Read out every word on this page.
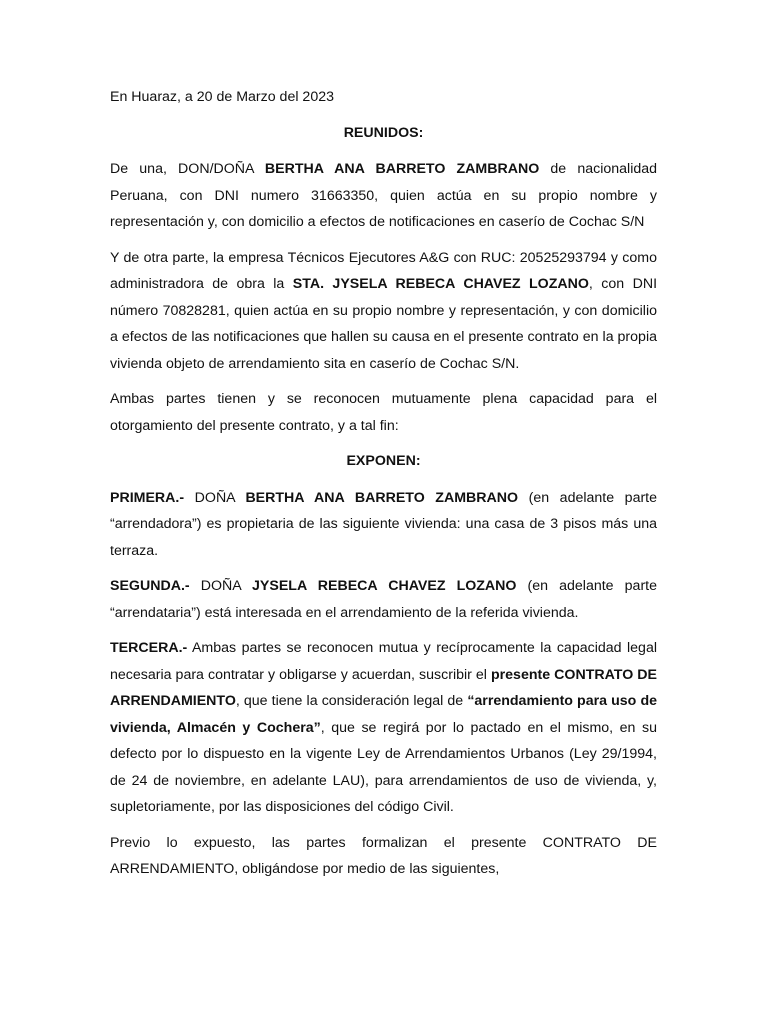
En Huaraz, a 20 de Marzo del 2023

REUNIDOS:

De una, DON/DOÑA BERTHA ANA BARRETO ZAMBRANO de nacionalidad Peruana, con DNI numero 31663350, quien actúa en su propio nombre y representación y, con domicilio a efectos de notificaciones en caserío de Cochac S/N

Y de otra parte, la empresa Técnicos Ejecutores A&G con RUC: 20525293794 y como administradora de obra la STA. JYSELA REBECA CHAVEZ LOZANO, con DNI número 70828281, quien actúa en su propio nombre y representación, y con domicilio a efectos de las notificaciones que hallen su causa en el presente contrato en la propia vivienda objeto de arrendamiento sita en caserío de Cochac S/N.

Ambas partes tienen y se reconocen mutuamente plena capacidad para el otorgamiento del presente contrato, y a tal fin:

EXPONEN:

PRIMERA.- DOÑA BERTHA ANA BARRETO ZAMBRANO (en adelante parte “arrendadora”) es propietaria de las siguiente vivienda: una casa de 3 pisos más una terraza.

SEGUNDA.- DOÑA JYSELA REBECA CHAVEZ LOZANO (en adelante parte “arrendataria”) está interesada en el arrendamiento de la referida vivienda.

TERCERA.- Ambas partes se reconocen mutua y recíprocamente la capacidad legal necesaria para contratar y obligarse y acuerdan, suscribir el presente CONTRATO DE ARRENDAMIENTO, que tiene la consideración legal de “arrendamiento para uso de vivienda, Almacén y Cochera”, que se regirá por lo pactado en el mismo, en su defecto por lo dispuesto en la vigente Ley de Arrendamientos Urbanos (Ley 29/1994, de 24 de noviembre, en adelante LAU), para arrendamientos de uso de vivienda, y, supletoriamente, por las disposiciones del código Civil.

Previo lo expuesto, las partes formalizan el presente CONTRATO DE ARRENDAMIENTO, obligándose por medio de las siguientes,
